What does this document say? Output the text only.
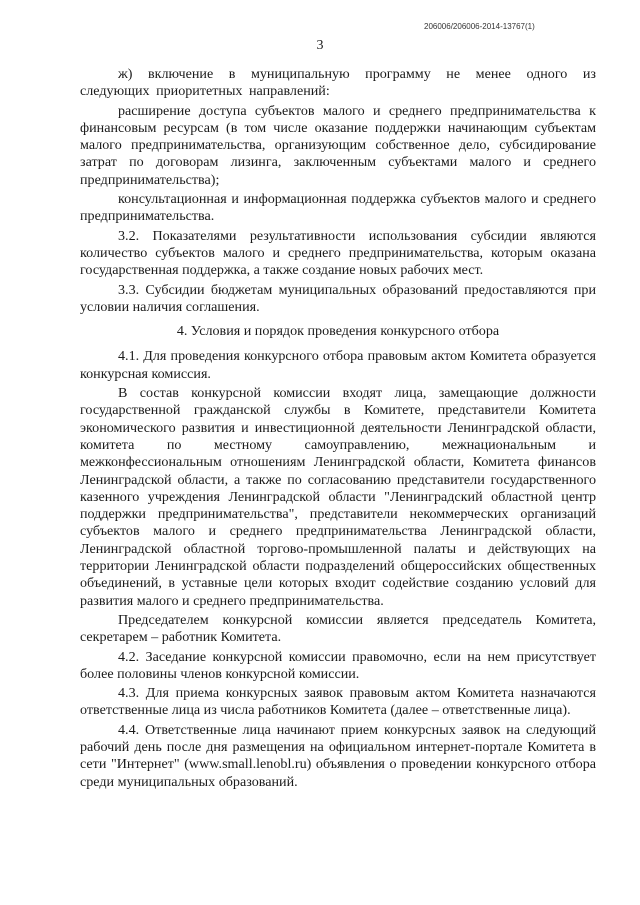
206006/206006-2014-13767(1)
3

ж) включение в муниципальную программу не менее одного из следующих приоритетных направлений:

расширение доступа субъектов малого и среднего предпринимательства к финансовым ресурсам (в том числе оказание поддержки начинающим субъектам малого предпринимательства, организующим собственное дело, субсидирование затрат по договорам лизинга, заключенным субъектами малого и среднего предпринимательства);

консультационная и информационная поддержка субъектов малого и среднего предпринимательства.

3.2. Показателями результативности использования субсидии являются количество субъектов малого и среднего предпринимательства, которым оказана государственная поддержка, а также создание новых рабочих мест.

3.3. Субсидии бюджетам муниципальных образований предоставляются при условии наличия соглашения.

4. Условия и порядок проведения конкурсного отбора

4.1. Для проведения конкурсного отбора правовым актом Комитета образуется конкурсная комиссия.

В состав конкурсной комиссии входят лица, замещающие должности государственной гражданской службы в Комитете, представители Комитета экономического развития и инвестиционной деятельности Ленинградской области, комитета по местному самоуправлению, межнациональным и межконфессиональным отношениям Ленинградской области, Комитета финансов Ленинградской области, а также по согласованию представители государственного казенного учреждения Ленинградской области "Ленинградский областной центр поддержки предпринимательства", представители некоммерческих организаций субъектов малого и среднего предпринимательства Ленинградской области, Ленинградской областной торгово-промышленной палаты и действующих на территории Ленинградской области подразделений общероссийских общественных объединений, в уставные цели которых входит содействие созданию условий для развития малого и среднего предпринимательства.

Председателем конкурсной комиссии является председатель Комитета, секретарем – работник Комитета.

4.2. Заседание конкурсной комиссии правомочно, если на нем присутствует более половины членов конкурсной комиссии.

4.3. Для приема конкурсных заявок правовым актом Комитета назначаются ответственные лица из числа работников Комитета (далее – ответственные лица).

4.4. Ответственные лица начинают прием конкурсных заявок на следующий рабочий день после дня размещения на официальном интернет-портале Комитета в сети "Интернет" (www.small.lenobl.ru) объявления о проведении конкурсного отбора среди муниципальных образований.
